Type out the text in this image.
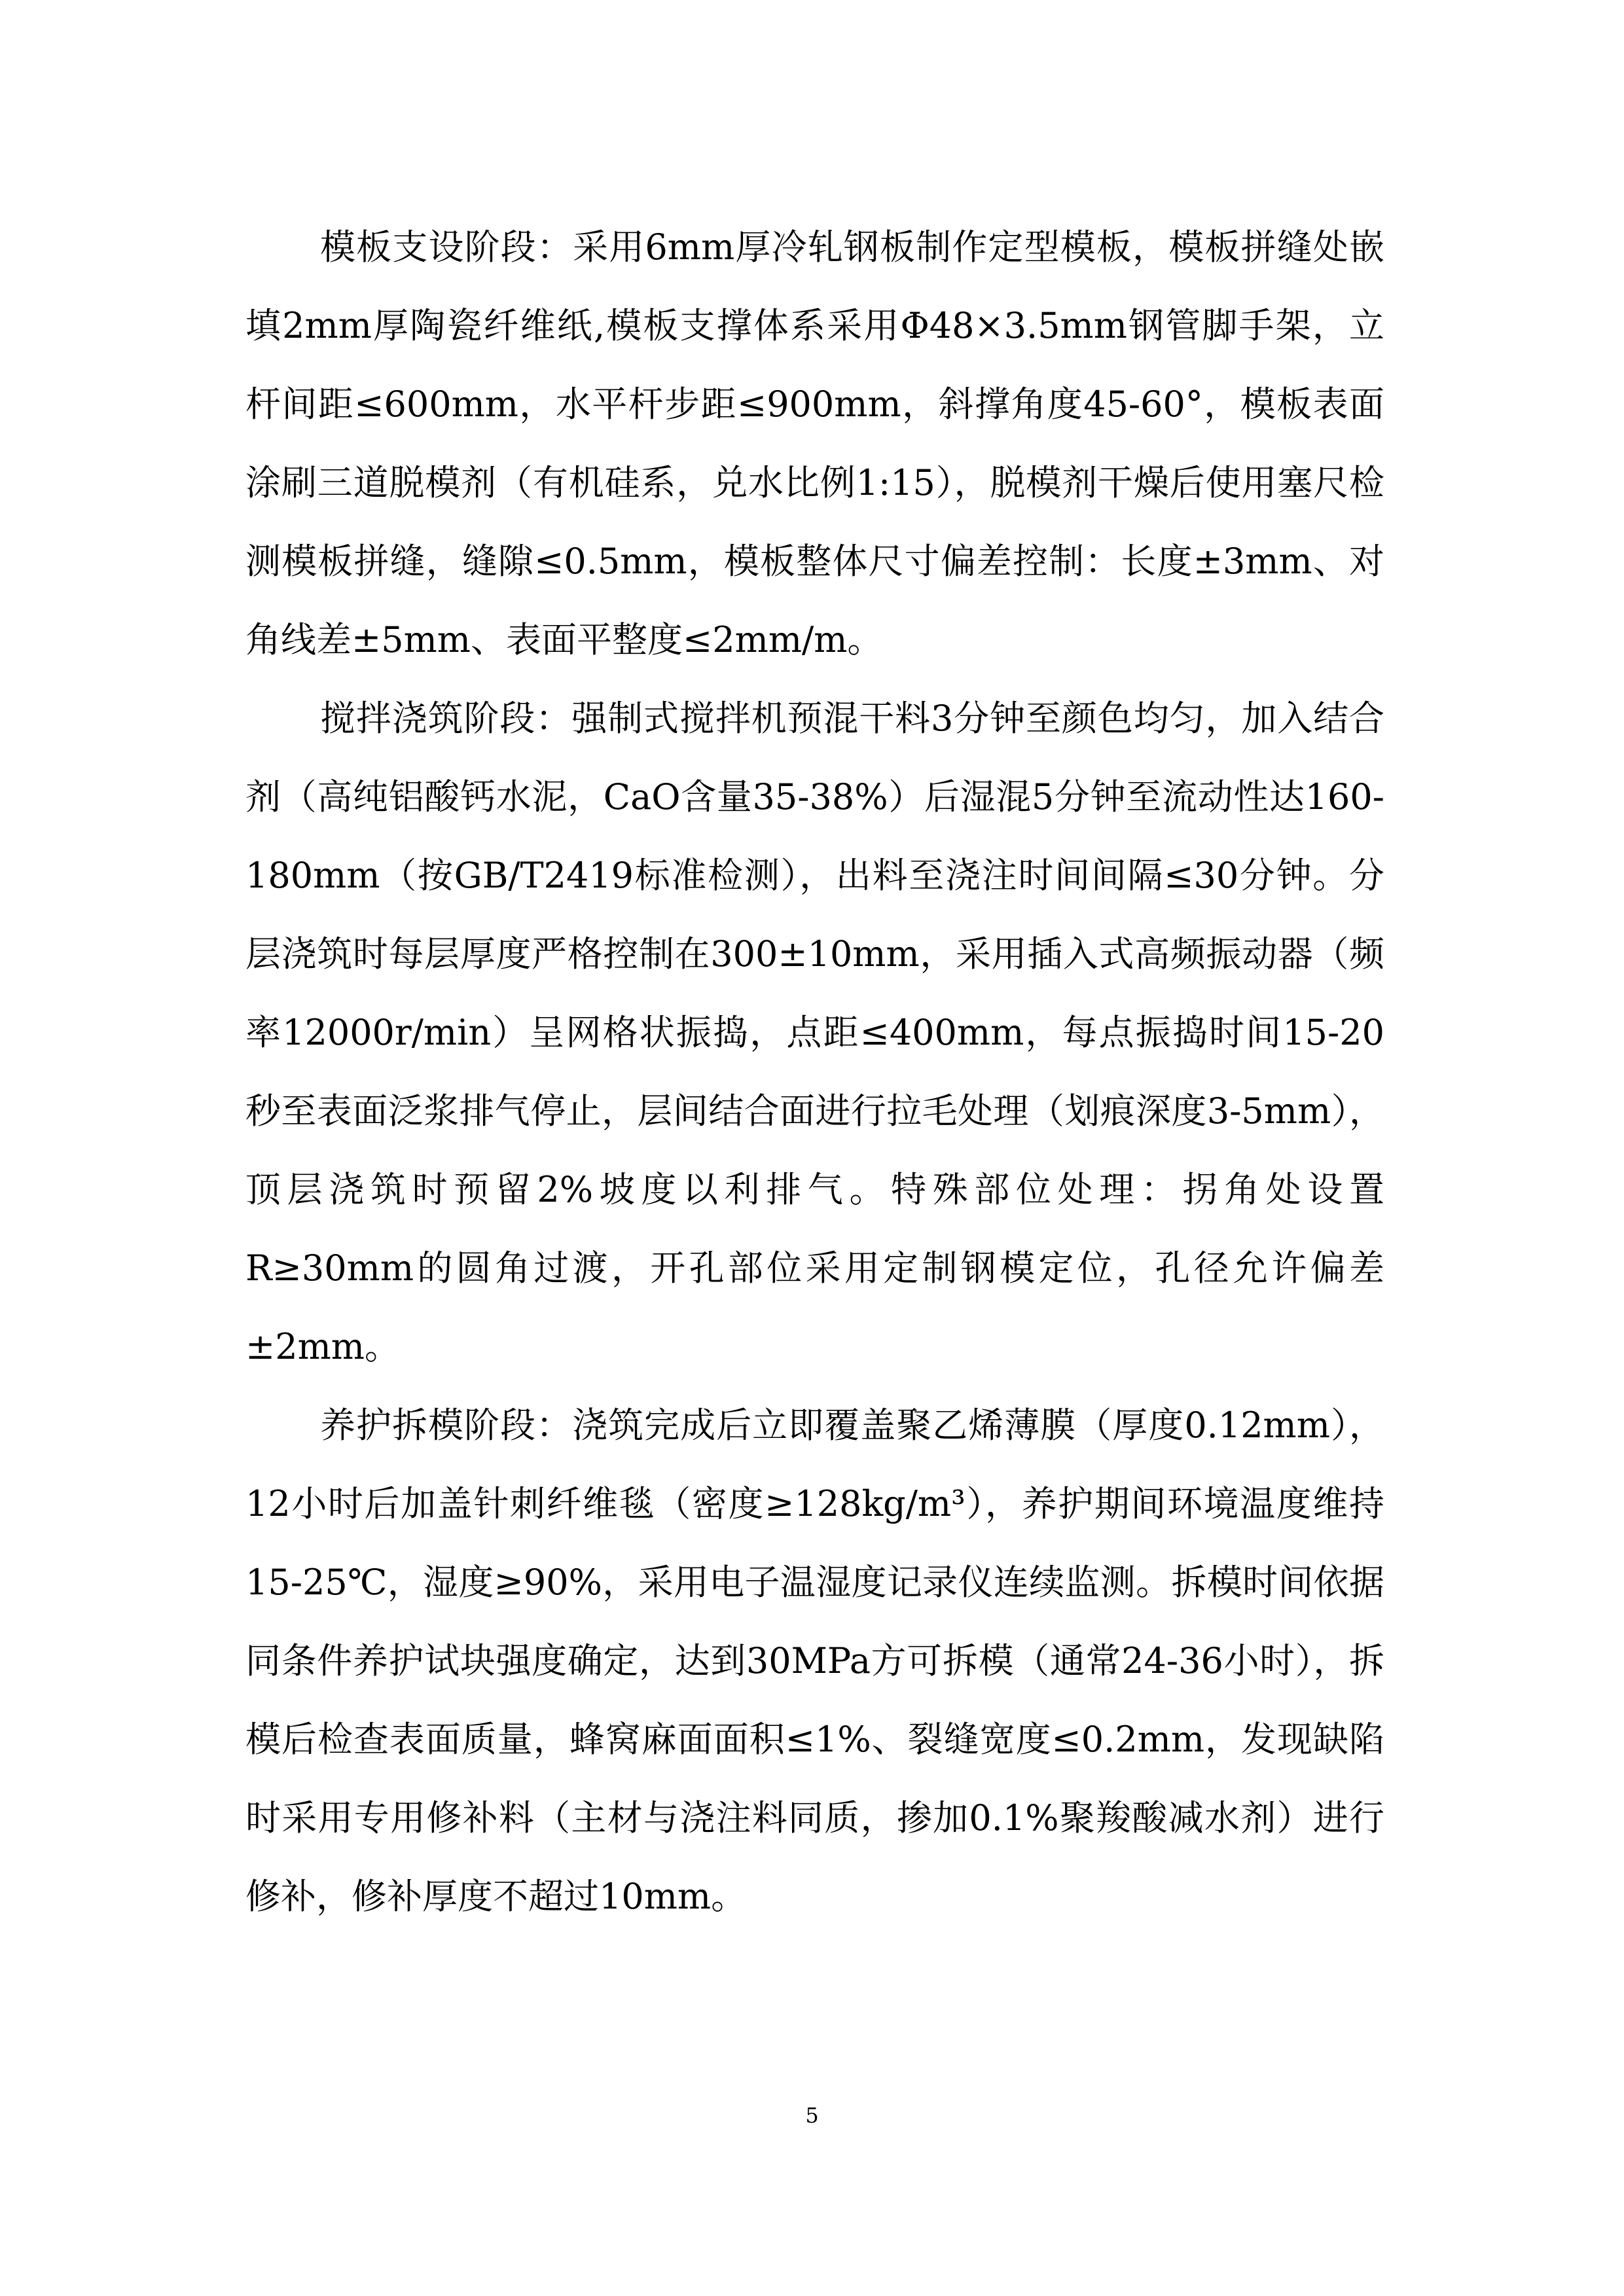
模板支设阶段：采用6mm厚冷轧钢板制作定型模板，模板拼缝处嵌填2mm厚陶瓷纤维纸,模板支撑体系采用Φ48×3.5mm钢管脚手架，立杆间距≤600mm，水平杆步距≤900mm，斜撑角度45-60°，模板表面涂刷三道脱模剂（有机硅系，兑水比例1:15），脱模剂干燥后使用塞尺检测模板拼缝，缝隙≤0.5mm，模板整体尺寸偏差控制：长度±3mm、对角线差±5mm、表面平整度≤2mm/m。

搅拌浇筑阶段：强制式搅拌机预混干料3分钟至颜色均匀，加入结合剂（高纯铝酸钙水泥，CaO含量35-38%）后湿混5分钟至流动性达160-180mm（按GB/T2419标准检测），出料至浇注时间间隔≤30分钟。分层浇筑时每层厚度严格控制在300±10mm，采用插入式高频振动器（频率12000r/min）呈网格状振捣，点距≤400mm，每点振捣时间15-20秒至表面泛浆排气停止，层间结合面进行拉毛处理（划痕深度3-5mm），顶层浇筑时预留2%坡度以利排气。特殊部位处理：拐角处设置R≥30mm的圆角过渡，开孔部位采用定制钢模定位，孔径允许偏差±2mm。

养护拆模阶段：浇筑完成后立即覆盖聚乙烯薄膜（厚度0.12mm），12小时后加盖针刺纤维毯（密度≥128kg/m³），养护期间环境温度维持15-25℃，湿度≥90%，采用电子温湿度记录仪连续监测。拆模时间依据同条件养护试块强度确定，达到30MPa方可拆模（通常24-36小时），拆模后检查表面质量，蜂窝麻面面积≤1%、裂缝宽度≤0.2mm，发现缺陷时采用专用修补料（主材与浇注料同质，掺加0.1%聚羧酸减水剂）进行修补，修补厚度不超过10mm。

5
